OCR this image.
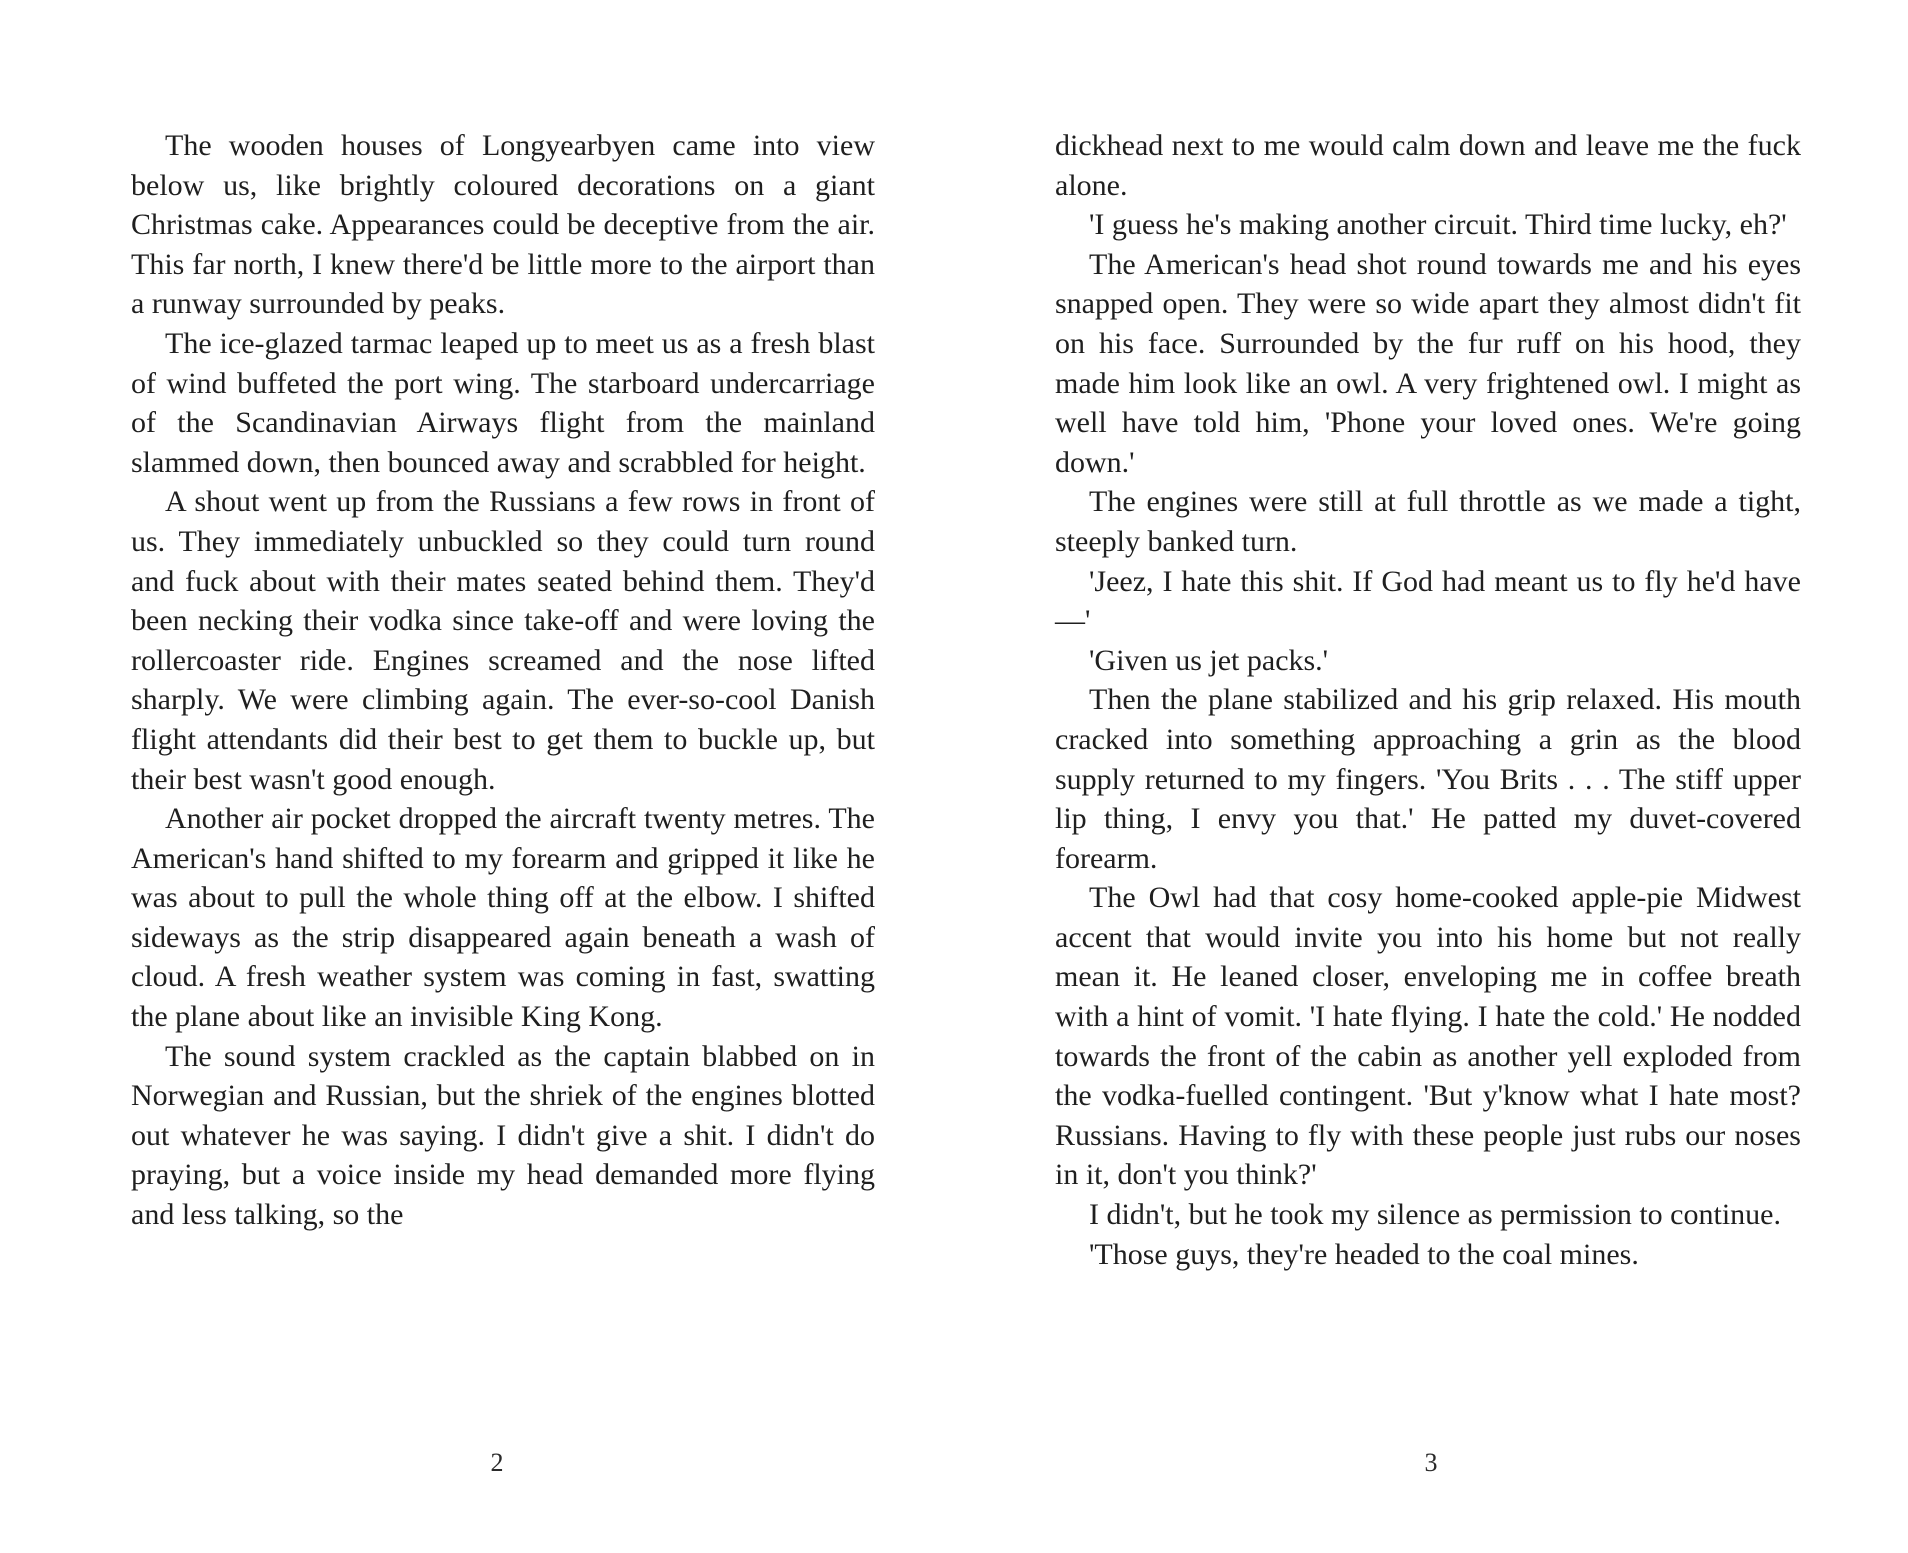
The wooden houses of Longyearbyen came into view below us, like brightly coloured decorations on a giant Christmas cake. Appearances could be deceptive from the air. This far north, I knew there'd be little more to the airport than a runway surrounded by peaks.

The ice-glazed tarmac leaped up to meet us as a fresh blast of wind buffeted the port wing. The starboard undercarriage of the Scandinavian Airways flight from the mainland slammed down, then bounced away and scrabbled for height.

A shout went up from the Russians a few rows in front of us. They immediately unbuckled so they could turn round and fuck about with their mates seated behind them. They'd been necking their vodka since take-off and were loving the rollercoaster ride. Engines screamed and the nose lifted sharply. We were climbing again. The ever-so-cool Danish flight attendants did their best to get them to buckle up, but their best wasn't good enough.

Another air pocket dropped the aircraft twenty metres. The American's hand shifted to my forearm and gripped it like he was about to pull the whole thing off at the elbow. I shifted sideways as the strip disappeared again beneath a wash of cloud. A fresh weather system was coming in fast, swatting the plane about like an invisible King Kong.

The sound system crackled as the captain blabbed on in Norwegian and Russian, but the shriek of the engines blotted out whatever he was saying. I didn't give a shit. I didn't do praying, but a voice inside my head demanded more flying and less talking, so the

2

dickhead next to me would calm down and leave me the fuck alone.

'I guess he's making another circuit. Third time lucky, eh?'

The American's head shot round towards me and his eyes snapped open. They were so wide apart they almost didn't fit on his face. Surrounded by the fur ruff on his hood, they made him look like an owl. A very frightened owl. I might as well have told him, 'Phone your loved ones. We're going down.'

The engines were still at full throttle as we made a tight, steeply banked turn.

'Jeez, I hate this shit. If God had meant us to fly he'd have—'

'Given us jet packs.'

Then the plane stabilized and his grip relaxed. His mouth cracked into something approaching a grin as the blood supply returned to my fingers. 'You Brits . . . The stiff upper lip thing, I envy you that.' He patted my duvet-covered forearm.

The Owl had that cosy home-cooked apple-pie Midwest accent that would invite you into his home but not really mean it. He leaned closer, enveloping me in coffee breath with a hint of vomit. 'I hate flying. I hate the cold.' He nodded towards the front of the cabin as another yell exploded from the vodka-fuelled contingent. 'But y'know what I hate most? Russians. Having to fly with these people just rubs our noses in it, don't you think?'

I didn't, but he took my silence as permission to continue.

'Those guys, they're headed to the coal mines.

3
